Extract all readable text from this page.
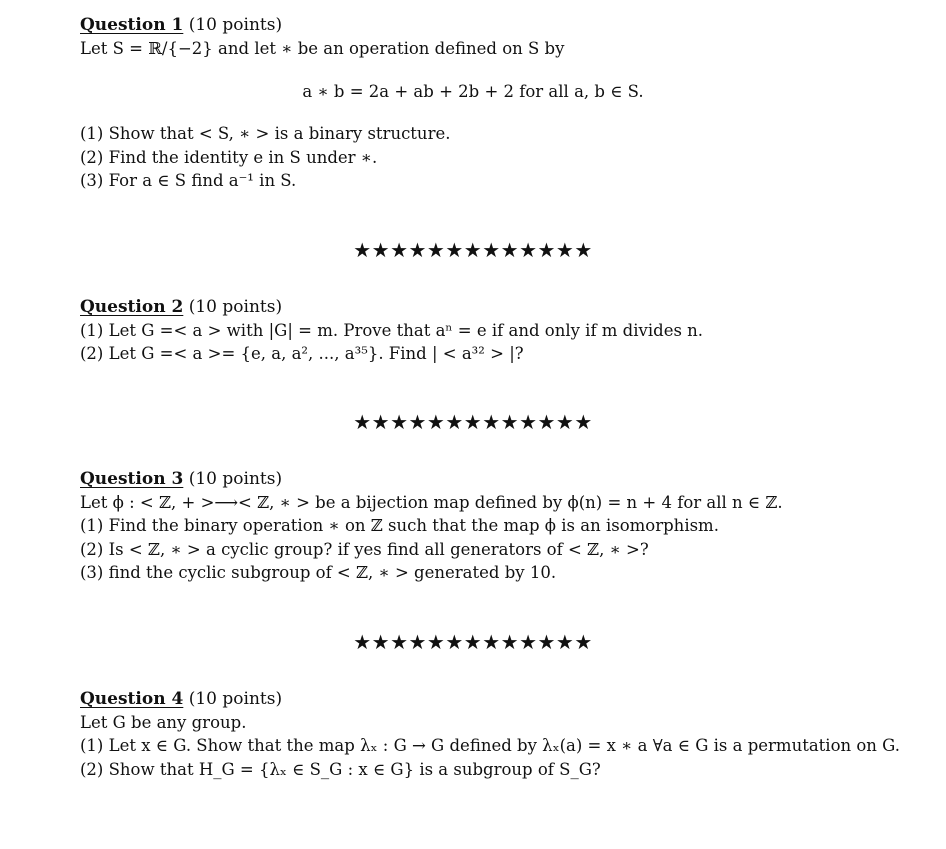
Question 1 (10 points)
Let S = ℝ/{−2} and let ∗ be an operation defined on S by
a ∗ b = 2a + ab + 2b + 2 for all a, b ∈ S.
(1) Show that < S, ∗ > is a binary structure.
(2) Find the identity e in S under ∗.
(3) For a ∈ S find a⁻¹ in S.
★★★★★★★★★★★★★
Question 2 (10 points)
(1) Let G =< a > with |G| = m. Prove that aⁿ = e if and only if m divides n.
(2) Let G =< a >= {e, a, a², ..., a³⁵}. Find | < a³² > |?
★★★★★★★★★★★★★
Question 3 (10 points)
Let ϕ : < ℤ, + >⟶< ℤ, ∗ > be a bijection map defined by ϕ(n) = n + 4 for all n ∈ ℤ.
(1) Find the binary operation ∗ on ℤ such that the map ϕ is an isomorphism.
(2) Is < ℤ, ∗ > a cyclic group? if yes find all generators of < ℤ, ∗ >?
(3) find the cyclic subgroup of < ℤ, ∗ > generated by 10.
★★★★★★★★★★★★★
Question 4 (10 points)
Let G be any group.
(1) Let x ∈ G. Show that the map λₓ : G → G defined by λₓ(a) = x ∗ a ∀a ∈ G is a permutation on G.
(2) Show that H_G = {λₓ ∈ S_G : x ∈ G} is a subgroup of S_G?
